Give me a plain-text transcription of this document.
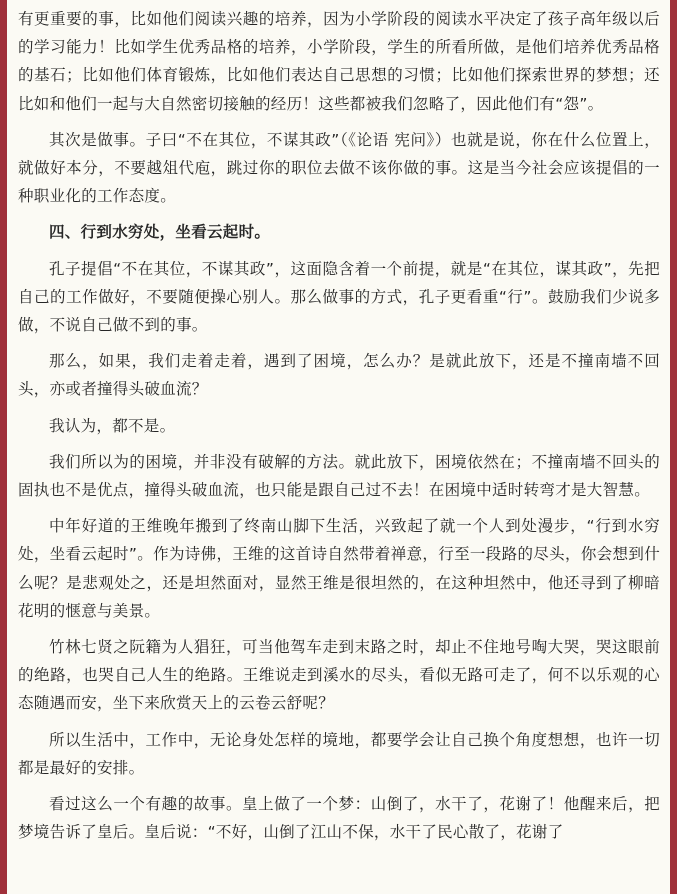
有更重要的事，比如他们阅读兴趣的培养，因为小学阶段的阅读水平决定了孩子高年级以后的学习能力！比如学生优秀品格的培养，小学阶段，学生的所看所做，是他们培养优秀品格的基石；比如他们体育锻炼，比如他们表达自己思想的习惯；比如他们探索世界的梦想；还比如和他们一起与大自然密切接触的经历！这些都被我们忽略了，因此他们有“怨”。

其次是做事。子曰“不在其位，不谋其政”（《论语 宪问》）也就是说，你在什么位置上，就做好本分，不要越俎代庖，跳过你的职位去做不该你做的事。这是当今社会应该提倡的一种职业化的工作态度。

四、行到水穷处，坐看云起时。

孔子提倡“不在其位，不谋其政”，这面隐含着一个前提，就是“在其位，谋其政”，先把自己的工作做好，不要随便操心别人。那么做事的方式，孔子更看重“行”。鼓励我们少说多做，不说自己做不到的事。

那么，如果，我们走着走着，遇到了困境，怎么办？是就此放下，还是不撞南墙不回头，亦或者撞得头破血流？

我认为，都不是。

我们所以为的困境，并非没有破解的方法。就此放下，困境依然在；不撞南墙不回头的固执也不是优点，撞得头破血流，也只能是跟自己过不去！在困境中适时转弯才是大智慧。

中年好道的王维晚年搬到了终南山脚下生活，兴致起了就一个人到处漫步，“行到水穷处，坐看云起时”。作为诗佛，王维的这首诗自然带着禅意，行至一段路的尽头，你会想到什么呢？是悲观处之，还是坦然面对，显然王维是很坦然的，在这种坦然中，他还寻到了柳暗花明的惬意与美景。

竹林七贤之阮籍为人猖狂，可当他驾车走到末路之时，却止不住地号啕大哭，哭这眼前的绝路，也哭自己人生的绝路。王维说走到溪水的尽头，看似无路可走了，何不以乐观的心态随遇而安，坐下来欣赏天上的云卷云舒呢？

所以生活中，工作中，无论身处怎样的境地，都要学会让自己换个角度想想，也许一切都是最好的安排。

看过这么一个有趣的故事。皇上做了一个梦：山倒了，水干了，花谢了！他醒来后，把梦境告诉了皇后。皇后说：“不好，山倒了江山不保，水干了民心散了，花谢了
